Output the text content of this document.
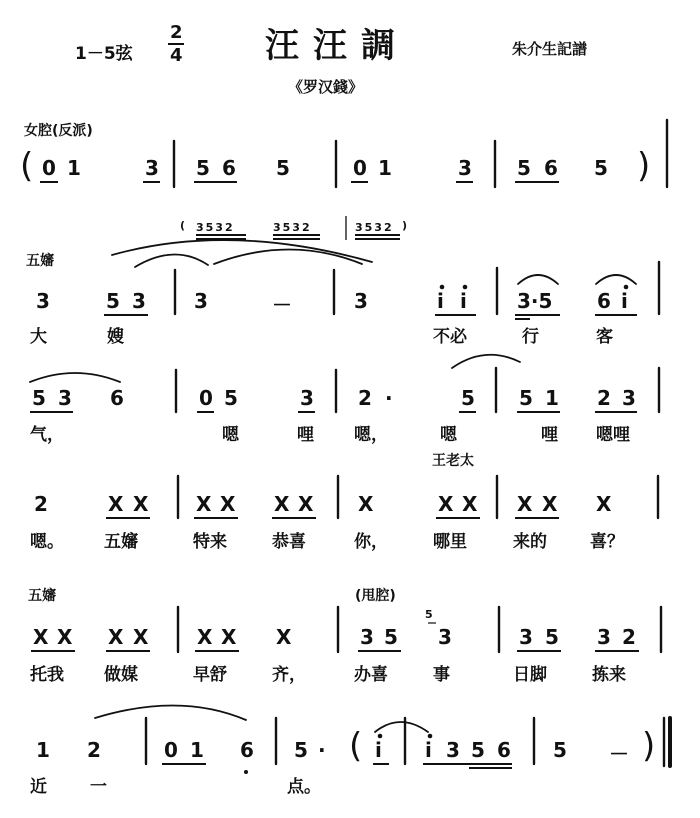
1－5弦
2
4 汪汪調	朱介生記譜
《罗汉錢》
女腔(反派)
五嬸
王老太
五嬸	(甩腔)
( 0 1	3 5 6 5	0 1	3 5 6 5 )
( 3532	3532	3532 )
3	5 3 3	－	3	i i	3·5 6 i
大	嫂	不必	行	客
5 3 6	0 5	3 2 ·	5 5 1 2 3
气，	嗯	哩 嗯，	嗯	哩 嗯哩
2	X X X X X X X	X X X X X
嗯。 五嬸	特来	恭喜	你，	哪里	来的	喜？
X X X X X X X	3 5
5
3	3 5 3 2
托我 做媒	早舒	齐，	办喜	事	日脚	拣来
1 2	0 1 6 5 · ( i i 3 5 6 5 － )
近	一	点。
